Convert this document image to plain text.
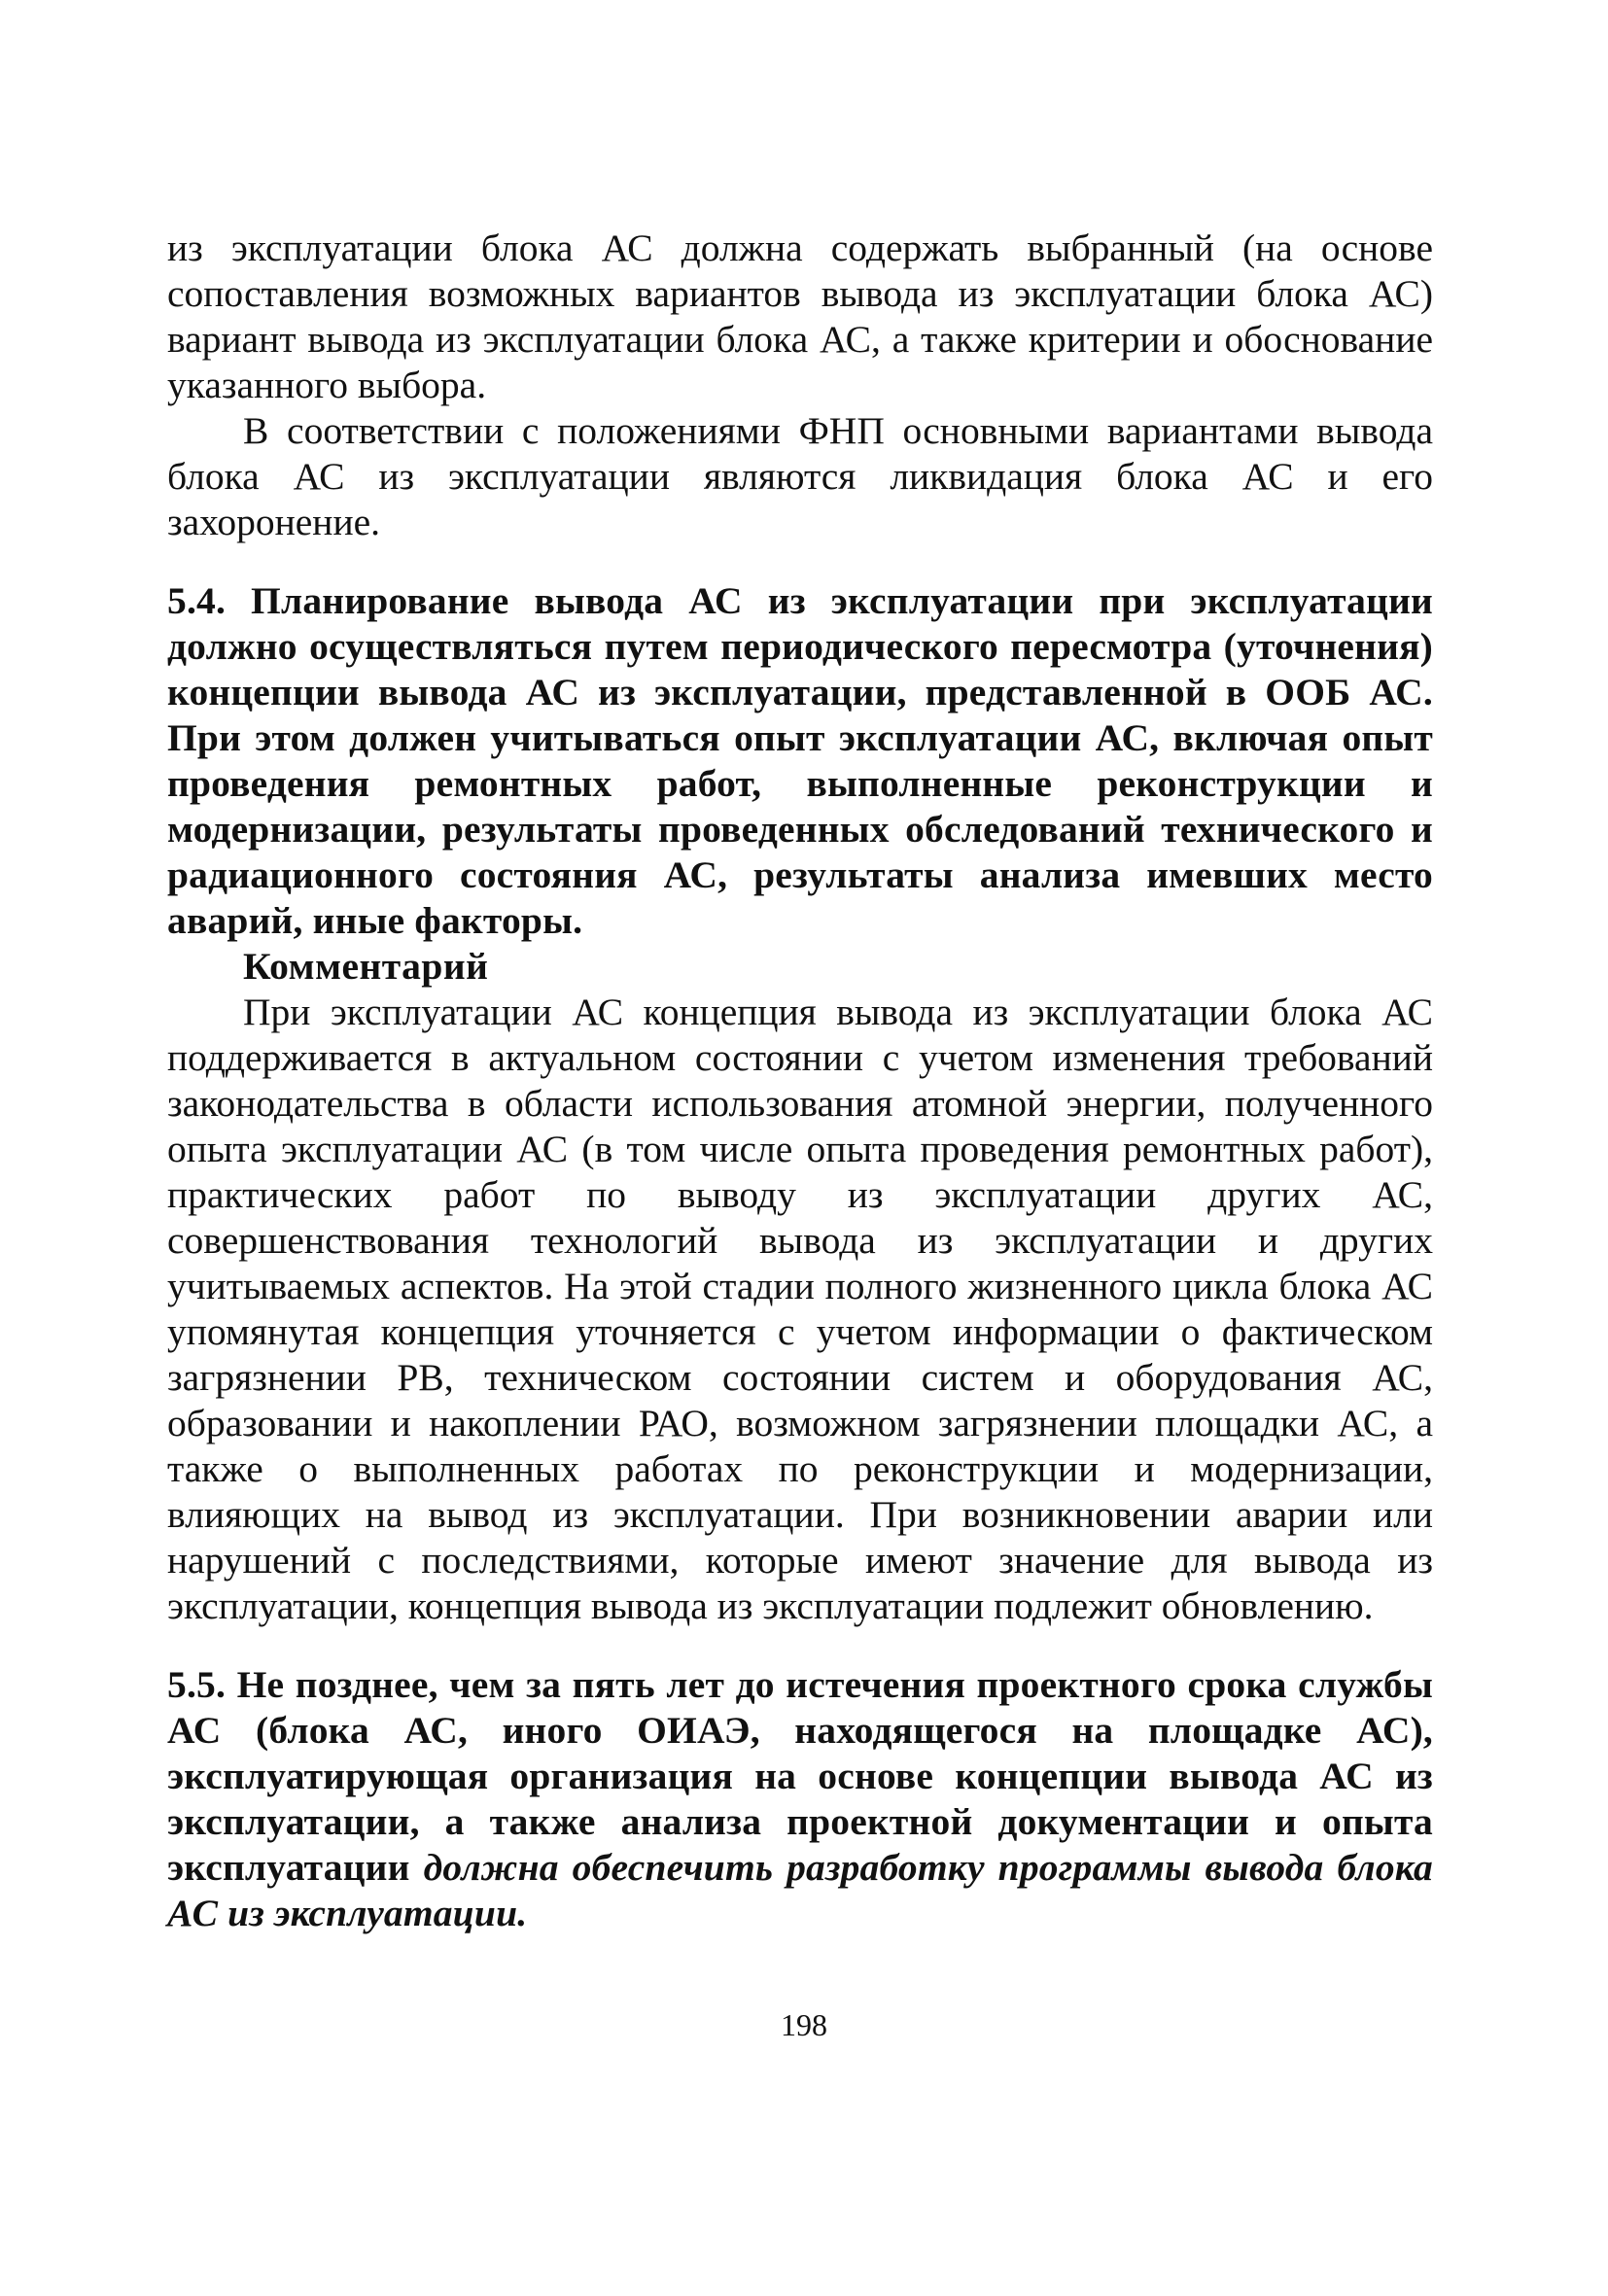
из эксплуатации блока АС должна содержать выбранный (на основе сопоставления возможных вариантов вывода из эксплуатации блока АС) вариант вывода из эксплуатации блока АС, а также критерии и обоснование указанного выбора.

В соответствии с положениями ФНП основными вариантами вывода блока АС из эксплуатации являются ликвидация блока АС и его захоронение.

5.4. Планирование вывода АС из эксплуатации при эксплуатации должно осуществляться путем периодического пересмотра (уточнения) концепции вывода АС из эксплуатации, представленной в ООБ АС. При этом должен учитываться опыт эксплуатации АС, включая опыт проведения ремонтных работ, выполненные реконструкции и модернизации, результаты проведенных обследований технического и радиационного состояния АС, результаты анализа имевших место аварий, иные факторы.

Комментарий

При эксплуатации АС концепция вывода из эксплуатации блока АС поддерживается в актуальном состоянии с учетом изменения требований законодательства в области использования атомной энергии, полученного опыта эксплуатации АС (в том числе опыта проведения ремонтных работ), практических работ по выводу из эксплуатации других АС, совершенствования технологий вывода из эксплуатации и других учитываемых аспектов. На этой стадии полного жизненного цикла блока АС упомянутая концепция уточняется с учетом информации о фактическом загрязнении РВ, техническом состоянии систем и оборудования АС, образовании и накоплении РАО, возможном загрязнении площадки АС, а также о выполненных работах по реконструкции и модернизации, влияющих на вывод из эксплуатации. При возникновении аварии или нарушений с последствиями, которые имеют значение для вывода из эксплуатации, концепция вывода из эксплуатации подлежит обновлению.

5.5. Не позднее, чем за пять лет до истечения проектного срока службы АС (блока АС, иного ОИАЭ, находящегося на площадке АС), эксплуатирующая организация на основе концепции вывода АС из эксплуатации, а также анализа проектной документации и опыта эксплуатации должна обеспечить разработку программы вывода блока АС из эксплуатации.

198
